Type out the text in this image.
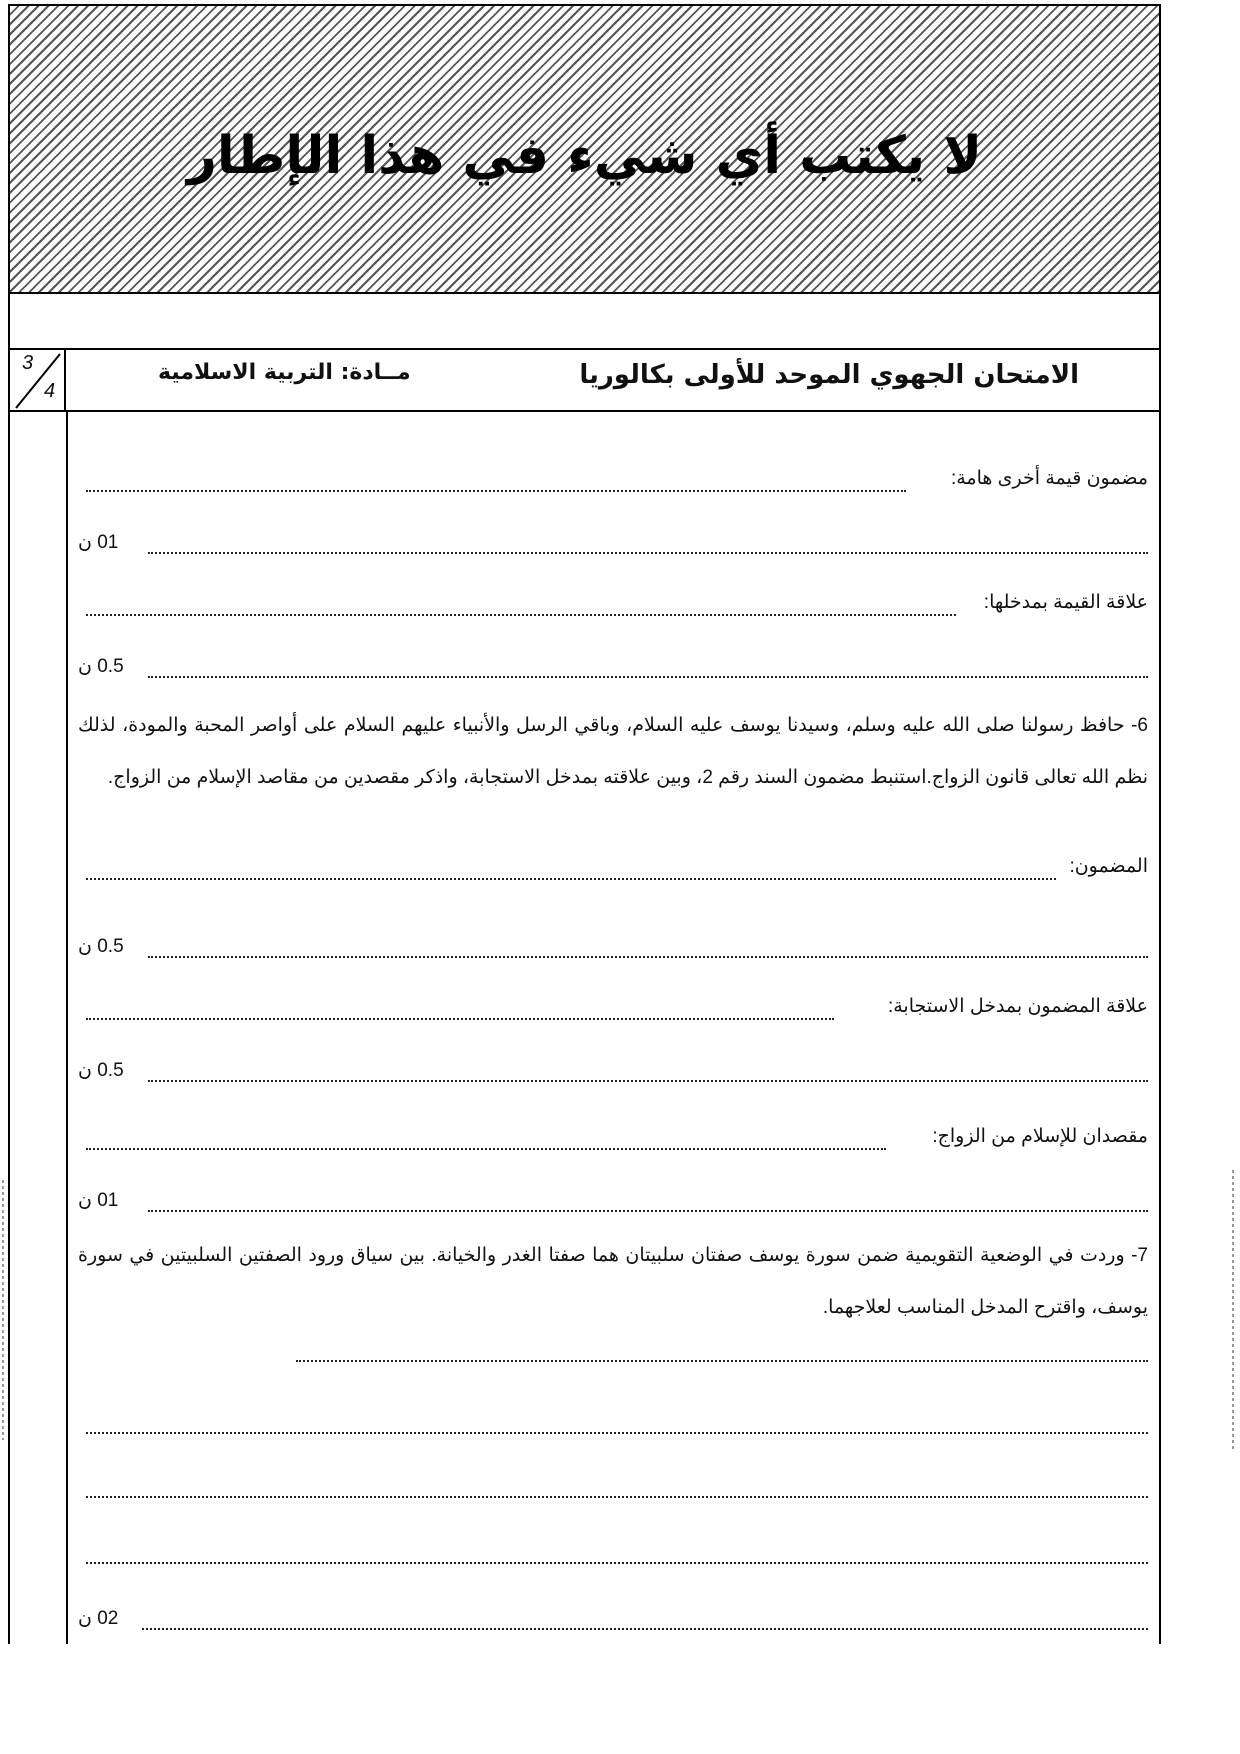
لا يكتب أي شيء في هذا الإطار
الامتحان الجهوي الموحد للأولى بكالوريا
مــادة: التربية الاسلامية
3
4
مضمون قيمة أخرى هامة:
01 ن
علاقة القيمة بمدخلها:
0.5 ن
6- حافظ رسولنا صلى الله عليه وسلم، وسيدنا يوسف عليه السلام، وباقي الرسل والأنبياء عليهم السلام على أواصر المحبة والمودة، لذلك نظم الله تعالى قانون الزواج.استنبط مضمون السند رقم 2، وبين علاقته بمدخل الاستجابة، واذكر مقصدين من مقاصد الإسلام من الزواج.
المضمون:
0.5 ن
علاقة المضمون بمدخل الاستجابة:
0.5 ن
مقصدان للإسلام من الزواج:
01 ن
7- وردت في الوضعية التقويمية ضمن سورة يوسف صفتان سلبيتان هما صفتا الغدر والخيانة. بين سياق ورود الصفتين السلبيتين في سورة يوسف، واقترح المدخل المناسب لعلاجهما.
02 ن
